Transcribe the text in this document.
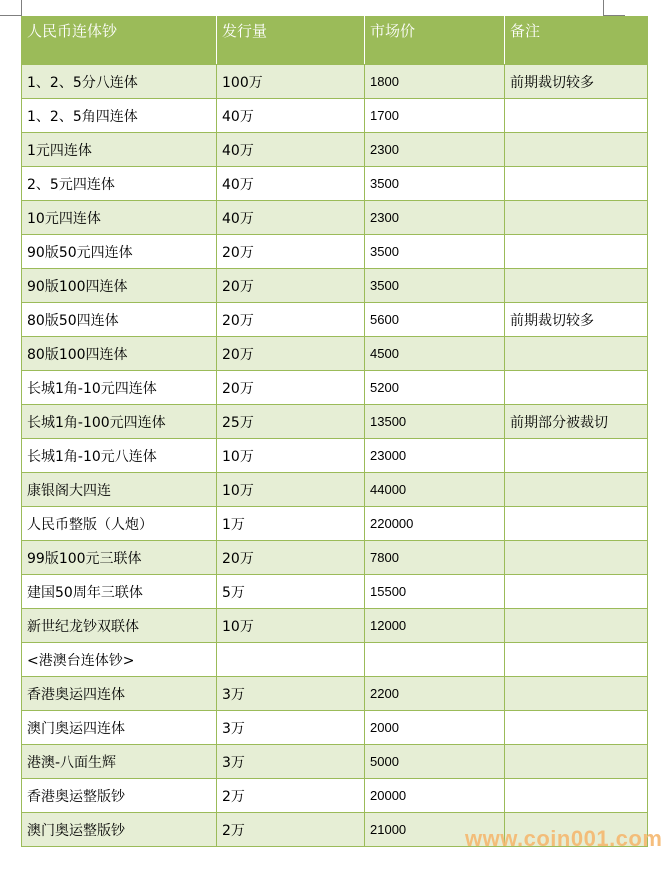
人民币连体钞	发行量	市场价	备注
1、2、5分八连体	100万	1800	前期裁切较多
1、2、5角四连体	40万	1700	
1元四连体	40万	2300	
2、5元四连体	40万	3500	
10元四连体	40万	2300	
90版50元四连体	20万	3500	
90版100四连体	20万	3500	
80版50四连体	20万	5600	前期裁切较多
80版100四连体	20万	4500	
长城1角-10元四连体	20万	5200	
长城1角-100元四连体	25万	13500	前期部分被裁切
长城1角-10元八连体	10万	23000	
康银阁大四连	10万	44000	
人民币整版（人炮）	1万	220000	
99版100元三联体	20万	7800	
建国50周年三联体	5万	15500	
新世纪龙钞双联体	10万	12000	
<港澳台连体钞>			
香港奥运四连体	3万	2200	
澳门奥运四连体	3万	2000	
港澳-八面生辉	3万	5000	
香港奥运整版钞	2万	20000	
澳门奥运整版钞	2万	21000		www.coin001.com
